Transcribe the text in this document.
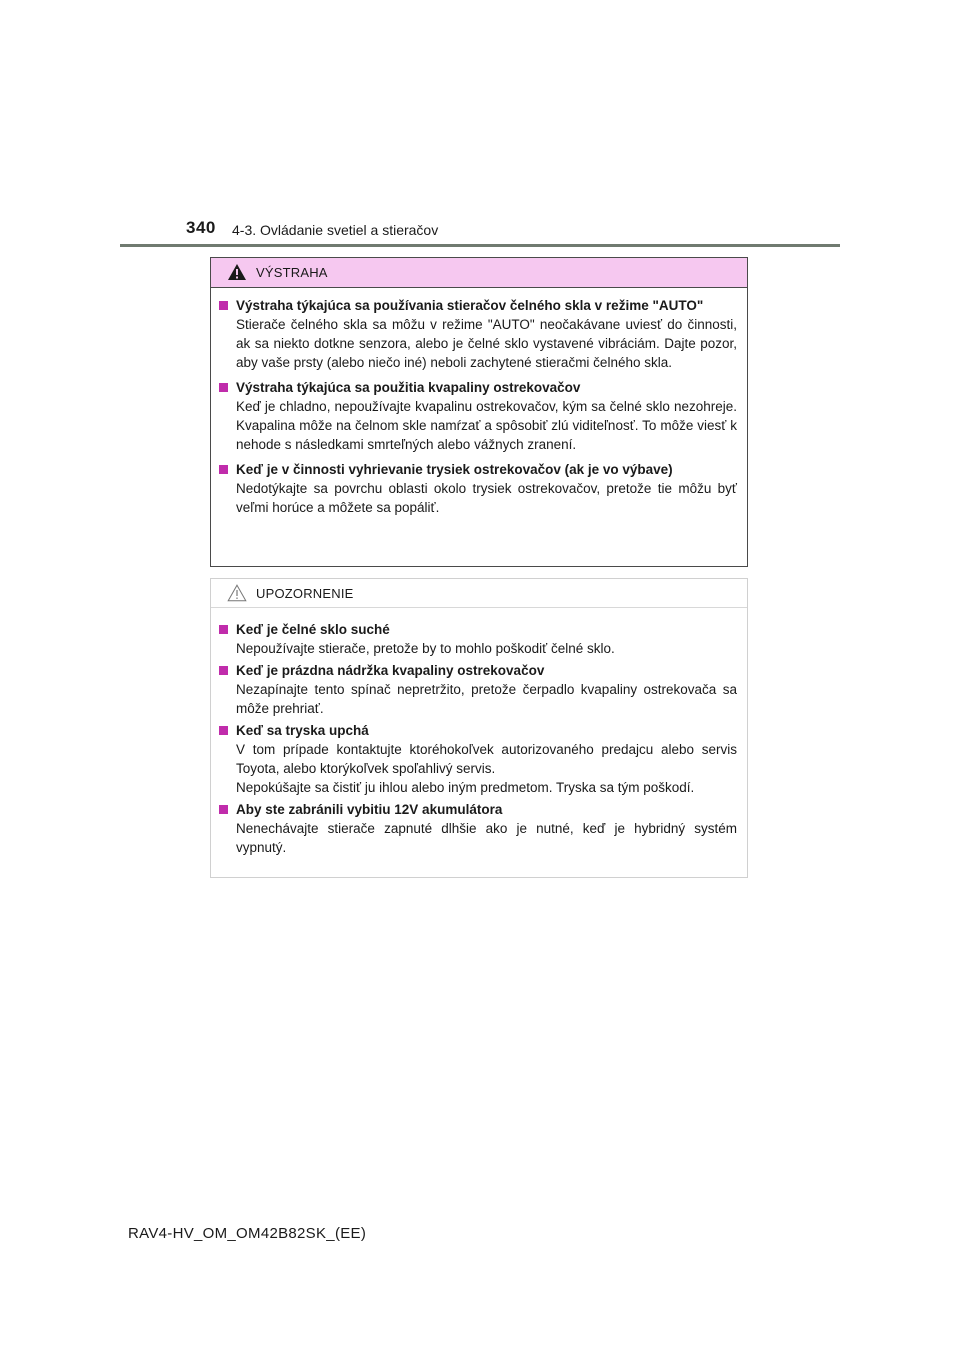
340 4-3. Ovládanie svetiel a stieračov
VÝSTRAHA
Výstraha týkajúca sa používania stieračov čelného skla v režime "AUTO"
Stierače čelného skla sa môžu v režime "AUTO" neočakávane uviesť do činnosti, ak sa niekto dotkne senzora, alebo je čelné sklo vystavené vibráciám. Dajte pozor, aby vaše prsty (alebo niečo iné) neboli zachytené stieračmi čelného skla.
Výstraha týkajúca sa použitia kvapaliny ostrekovačov
Keď je chladno, nepoužívajte kvapalinu ostrekovačov, kým sa čelné sklo nezohreje. Kvapalina môže na čelnom skle namŕzať a spôsobiť zlú viditeľnosť. To môže viesť k nehode s následkami smrteľných alebo vážnych zranení.
Keď je v činnosti vyhrievanie trysiek ostrekovačov (ak je vo výbave)
Nedotýkajte sa povrchu oblasti okolo trysiek ostrekovačov, pretože tie môžu byť veľmi horúce a môžete sa popáliť.
UPOZORNENIE
Keď je čelné sklo suché
Nepoužívajte stierače, pretože by to mohlo poškodiť čelné sklo.
Keď je prázdna nádržka kvapaliny ostrekovačov
Nezapínajte tento spínač nepretržito, pretože čerpadlo kvapaliny ostrekovača sa môže prehriať.
Keď sa tryska upchá
V tom prípade kontaktujte ktoréhokoľvek autorizovaného predajcu alebo servis Toyota, alebo ktorýkoľvek spoľahlivý servis.
Nepokúšajte sa čistiť ju ihlou alebo iným predmetom. Tryska sa tým poškodí.
Aby ste zabránili vybitiu 12V akumulátora
Nenechávajte stierače zapnuté dlhšie ako je nutné, keď je hybridný systém vypnutý.
RAV4-HV_OM_OM42B82SK_(EE)
